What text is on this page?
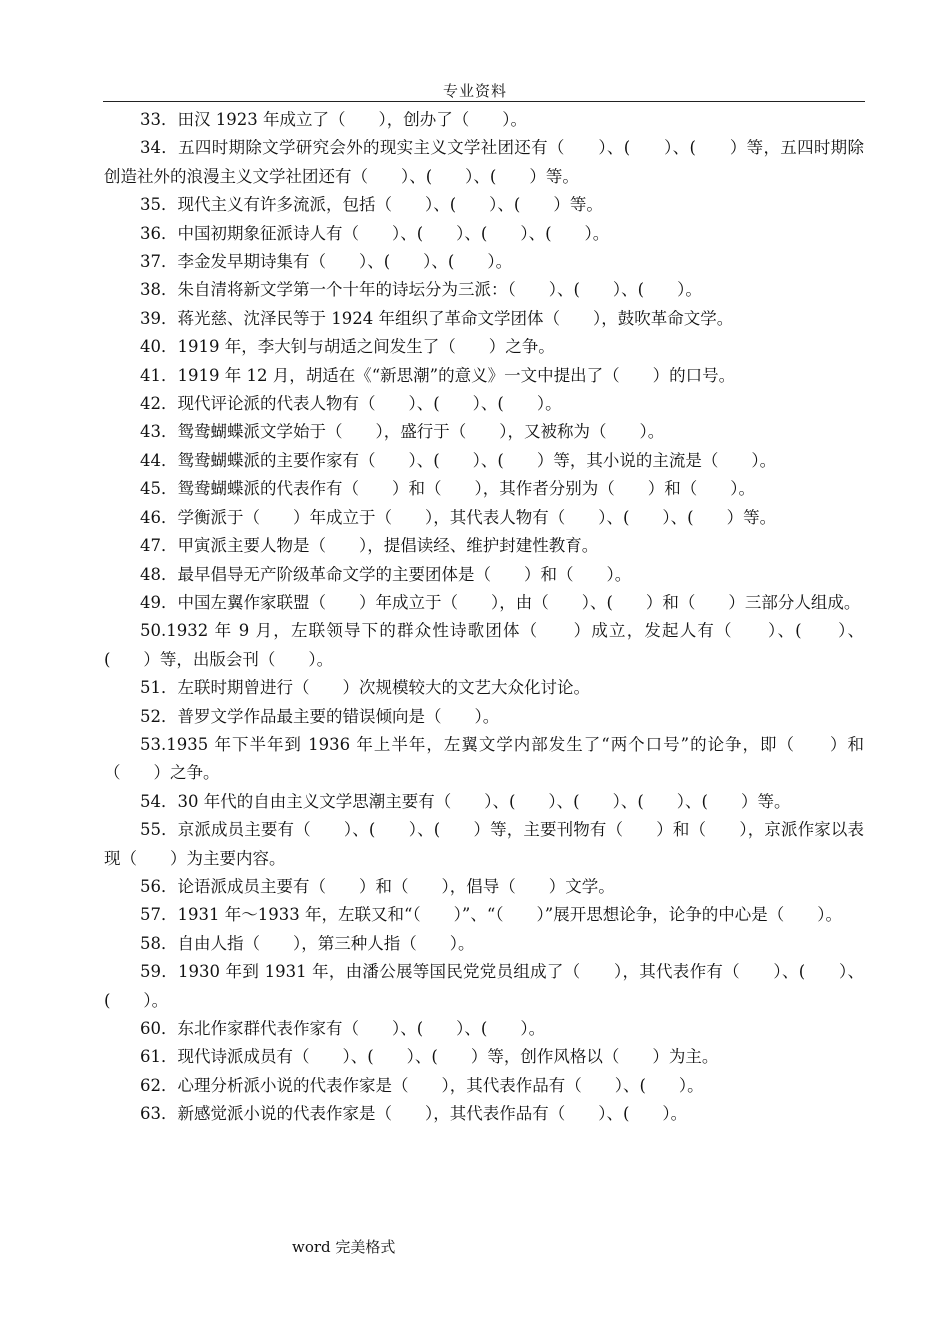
专业资料

33．田汉 1923 年成立了（　　），创办了（　　）。

34．五四时期除文学研究会外的现实主义文学社团还有（　　）、(　　）、(　　）等，五四时期除创造社外的浪漫主义文学社团还有（　　）、(　　）、(　　）等。

35．现代主义有许多流派，包括（　　）、(　　）、(　　）等。

36．中国初期象征派诗人有（　　）、(　　）、(　　）、(　　）。

37．李金发早期诗集有（　　）、(　　）、(　　）。

38．朱自清将新文学第一个十年的诗坛分为三派：（　　）、(　　）、(　　）。

39．蒋光慈、沈泽民等于 1924 年组织了革命文学团体（　　），鼓吹革命文学。

40．1919 年，李大钊与胡适之间发生了（　　）之争。

41．1919 年 12 月，胡适在《“新思潮”的意义》一文中提出了（　　）的口号。

42．现代评论派的代表人物有（　　）、(　　）、(　　）。

43．鸳鸯蝴蝶派文学始于（　　），盛行于（　　），又被称为（　　）。

44．鸳鸯蝴蝶派的主要作家有（　　）、(　　）、(　　）等，其小说的主流是（　　）。

45．鸳鸯蝴蝶派的代表作有（　　）和（　　），其作者分别为（　　）和（　　）。

46．学衡派于（　　）年成立于（　　），其代表人物有（　　）、(　　）、(　　）等。

47．甲寅派主要人物是（　　），提倡读经、维护封建性教育。

48．最早倡导无产阶级革命文学的主要团体是（　　）和（　　）。

49．中国左翼作家联盟（　　）年成立于（　　），由（　　）、(　　）和（　　）三部分人组成。

50.1932 年 9 月，左联领导下的群众性诗歌团体（　　）成立，发起人有（　　）、(　　）、(　　）等，出版会刊（　　）。

51．左联时期曾进行（　　）次规模较大的文艺大众化讨论。

52．普罗文学作品最主要的错误倾向是（　　）。

53.1935 年下半年到 1936 年上半年，左翼文学内部发生了“两个口号”的论争，即（　　）和（　　）之争。

54．30 年代的自由主义文学思潮主要有（　　）、(　　）、(　　）、(　　）、(　　）等。

55．京派成员主要有（　　）、(　　）、(　　）等，主要刊物有（　　）和（　　），京派作家以表现（　　）为主要内容。

56．论语派成员主要有（　　）和（　　），倡导（　　）文学。

57．1931 年～1933 年，左联又和“（　　）”、“（　　）”展开思想论争，论争的中心是（　　）。

58．自由人指（　　），第三种人指（　　）。

59．1930 年到 1931 年，由潘公展等国民党党员组成了（　　），其代表作有（　　）、(　　）、(　　）。

60．东北作家群代表作家有（　　）、(　　）、(　　）。

61．现代诗派成员有（　　）、(　　）、(　　）等，创作风格以（　　）为主。

62．心理分析派小说的代表作家是（　　），其代表作品有（　　）、(　　）。

63．新感觉派小说的代表作家是（　　），其代表作品有（　　）、(　　）。

word 完美格式
